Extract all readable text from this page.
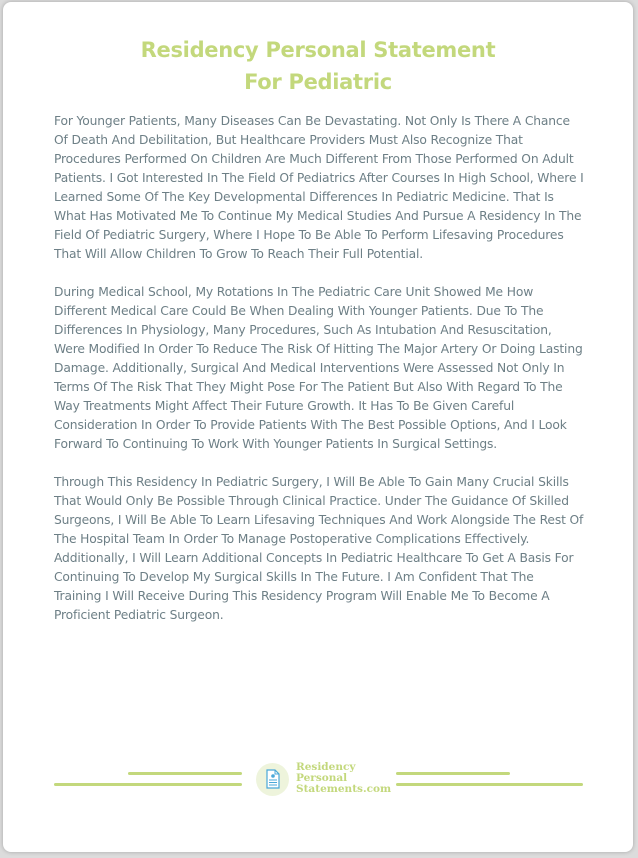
Residency Personal Statement
For Pediatric

For Younger Patients, Many Diseases Can Be Devastating. Not Only Is There A Chance Of Death And Debilitation, But Healthcare Providers Must Also Recognize That Procedures Performed On Children Are Much Different From Those Performed On Adult Patients. I Got Interested In The Field Of Pediatrics After Courses In High School, Where I Learned Some Of The Key Developmental Differences In Pediatric Medicine. That Is What Has Motivated Me To Continue My Medical Studies And Pursue A Residency In The Field Of Pediatric Surgery, Where I Hope To Be Able To Perform Lifesaving Procedures That Will Allow Children To Grow To Reach Their Full Potential.

During Medical School, My Rotations In The Pediatric Care Unit Showed Me How Different Medical Care Could Be When Dealing With Younger Patients. Due To The Differences In Physiology, Many Procedures, Such As Intubation And Resuscitation, Were Modified In Order To Reduce The Risk Of Hitting The Major Artery Or Doing Lasting Damage. Additionally, Surgical And Medical Interventions Were Assessed Not Only In Terms Of The Risk That They Might Pose For The Patient But Also With Regard To The Way Treatments Might Affect Their Future Growth. It Has To Be Given Careful Consideration In Order To Provide Patients With The Best Possible Options, And I Look Forward To Continuing To Work With Younger Patients In Surgical Settings.

Through This Residency In Pediatric Surgery, I Will Be Able To Gain Many Crucial Skills That Would Only Be Possible Through Clinical Practice. Under The Guidance Of Skilled Surgeons, I Will Be Able To Learn Lifesaving Techniques And Work Alongside The Rest Of The Hospital Team In Order To Manage Postoperative Complications Effectively. Additionally, I Will Learn Additional Concepts In Pediatric Healthcare To Get A Basis For Continuing To Develop My Surgical Skills In The Future. I Am Confident That The Training I Will Receive During This Residency Program Will Enable Me To Become A Proficient Pediatric Surgeon.

Residency
Personal
Statements.com
